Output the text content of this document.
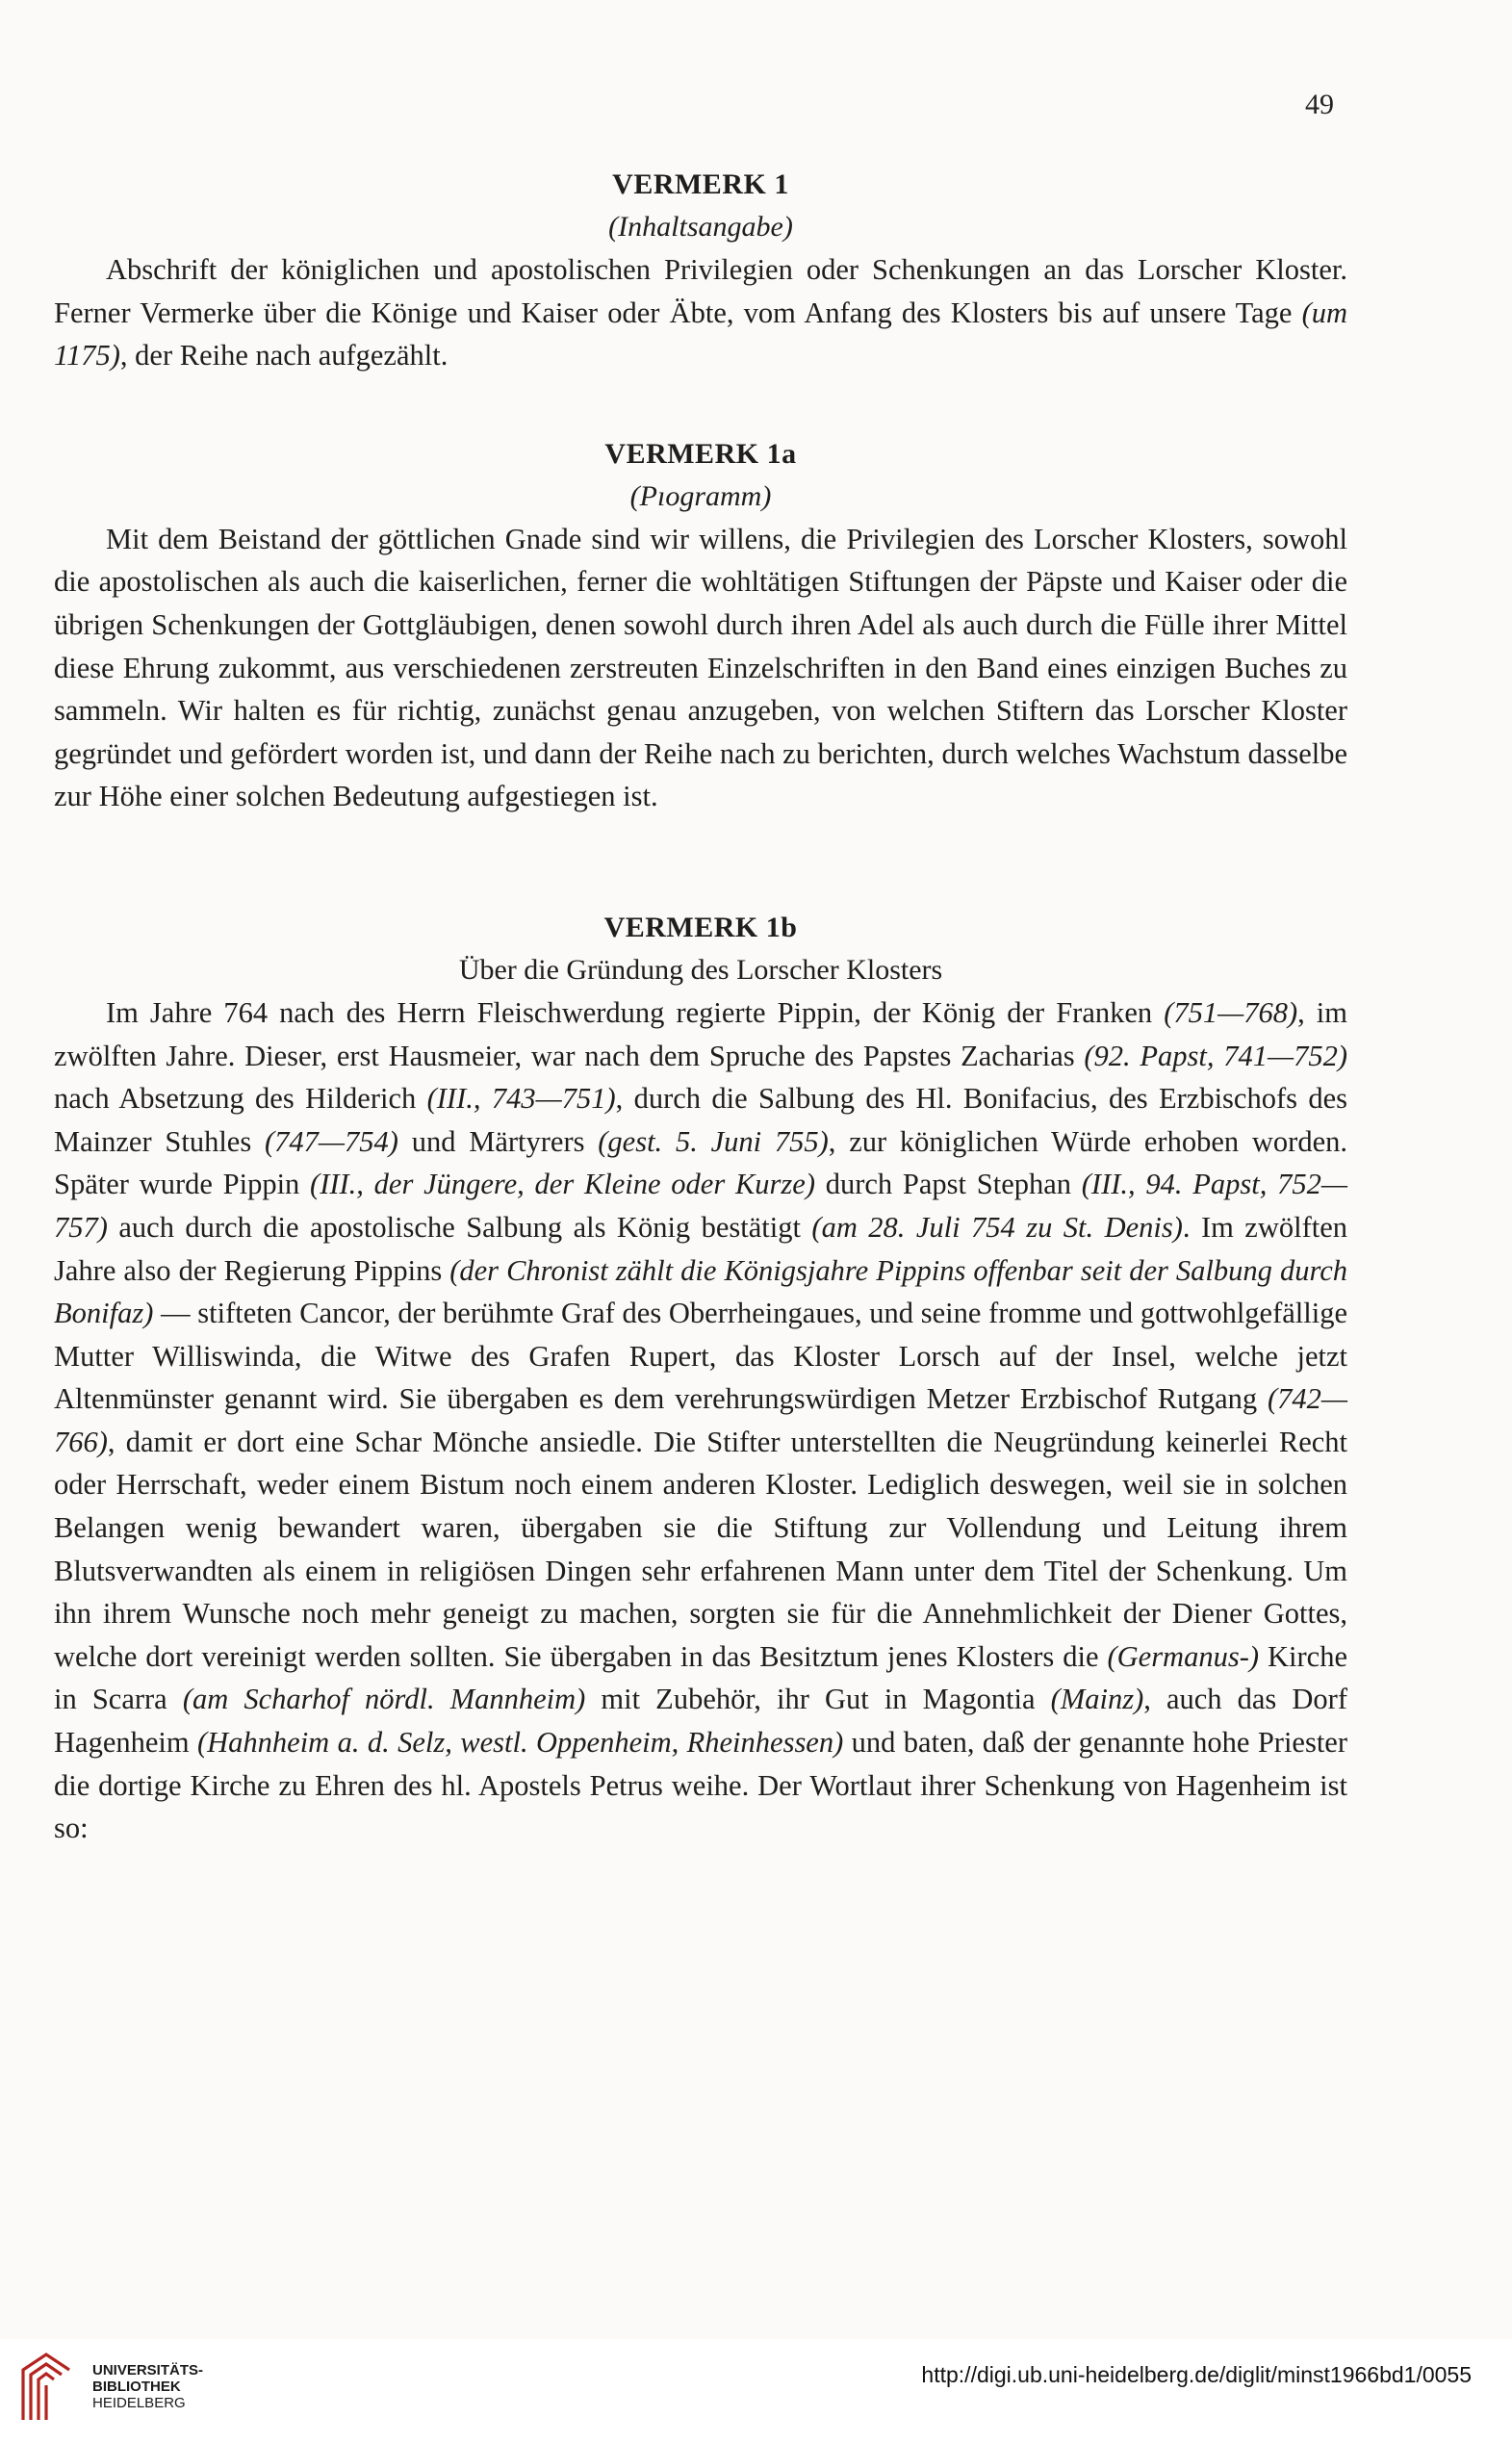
49
VERMERK 1
(Inhaltsangabe)

Abschrift der königlichen und apostolischen Privilegien oder Schenkungen an das Lorscher Kloster. Ferner Vermerke über die Könige und Kaiser oder Äbte, vom Anfang des Klosters bis auf unsere Tage (um 1175), der Reihe nach aufgezählt.

VERMERK 1a
(Pıogramm)

Mit dem Beistand der göttlichen Gnade sind wir willens, die Privilegien des Lorscher Klosters, sowohl die apostolischen als auch die kaiserlichen, ferner die wohltätigen Stiftungen der Päpste und Kaiser oder die übrigen Schenkungen der Gottgläubigen, denen sowohl durch ihren Adel als auch durch die Fülle ihrer Mittel diese Ehrung zukommt, aus verschiedenen zerstreuten Einzelschriften in den Band eines einzigen Buches zu sammeln. Wir halten es für richtig, zunächst genau anzugeben, von welchen Stiftern das Lorscher Kloster gegründet und gefördert worden ist, und dann der Reihe nach zu berichten, durch welches Wachstum dasselbe zur Höhe einer solchen Bedeutung aufgestiegen ist.

VERMERK 1b
Über die Gründung des Lorscher Klosters

Im Jahre 764 nach des Herrn Fleischwerdung regierte Pippin, der König der Franken (751—768), im zwölften Jahre. Dieser, erst Hausmeier, war nach dem Spruche des Papstes Zacharias (92. Papst, 741—752) nach Absetzung des Hilderich (III., 743—751), durch die Salbung des Hl. Bonifacius, des Erzbischofs des Mainzer Stuhles (747—754) und Märtyrers (gest. 5. Juni 755), zur königlichen Würde erhoben worden. Später wurde Pippin (III., der Jüngere, der Kleine oder Kurze) durch Papst Stephan (III., 94. Papst, 752—757) auch durch die apostolische Salbung als König bestätigt (am 28. Juli 754 zu St. Denis). Im zwölften Jahre also der Regierung Pippins (der Chronist zählt die Königsjahre Pippins offenbar seit der Salbung durch Bonifaz) — stifteten Cancor, der berühmte Graf des Oberrheingaues, und seine fromme und gottwohlgefällige Mutter Williswinda, die Witwe des Grafen Rupert, das Kloster Lorsch auf der Insel, welche jetzt Altenmünster genannt wird. Sie übergaben es dem verehrungswürdigen Metzer Erzbischof Rutgang (742—766), damit er dort eine Schar Mönche ansiedle. Die Stifter unterstellten die Neugründung keinerlei Recht oder Herrschaft, weder einem Bistum noch einem anderen Kloster. Lediglich deswegen, weil sie in solchen Belangen wenig bewandert waren, übergaben sie die Stiftung zur Vollendung und Leitung ihrem Blutsverwandten als einem in religiösen Dingen sehr erfahrenen Mann unter dem Titel der Schenkung. Um ihn ihrem Wunsche noch mehr geneigt zu machen, sorgten sie für die Annehmlichkeit der Diener Gottes, welche dort vereinigt werden sollten. Sie übergaben in das Besitztum jenes Klosters die (Germanus-) Kirche in Scarra (am Scharhof nördl. Mannheim) mit Zubehör, ihr Gut in Magontia (Mainz), auch das Dorf Hagenheim (Hahnheim a. d. Selz, westl. Oppenheim, Rheinhessen) und baten, daß der genannte hohe Priester die dortige Kirche zu Ehren des hl. Apostels Petrus weihe. Der Wortlaut ihrer Schenkung von Hagenheim ist so:

UNIVERSITÄTS-
BIBLIOTHEK
HEIDELBERG
http://digi.ub.uni-heidelberg.de/diglit/minst1966bd1/0055
